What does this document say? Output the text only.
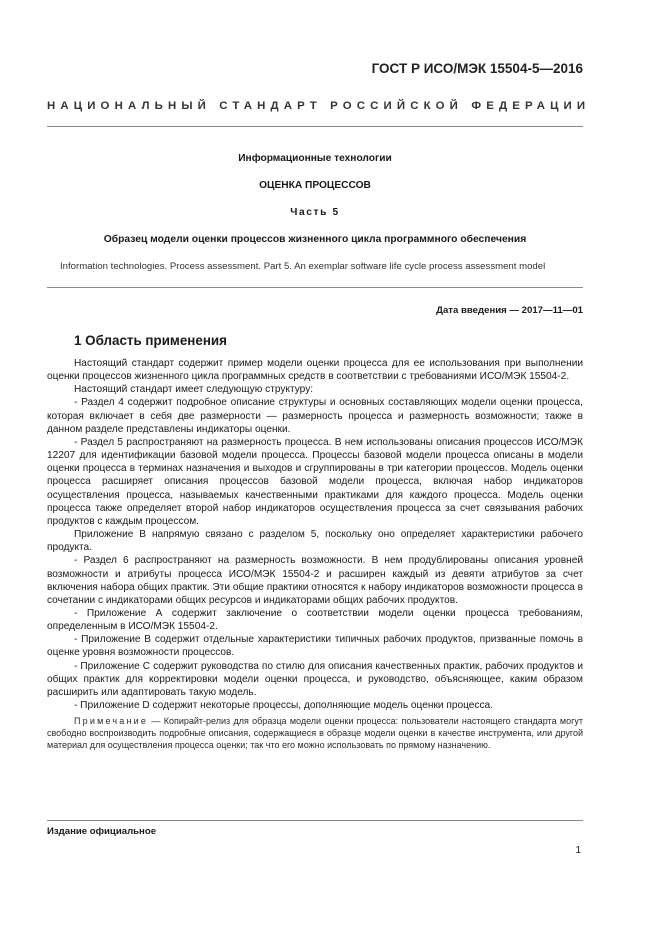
ГОСТ Р ИСО/МЭК 15504-5—2016
НАЦИОНАЛЬНЫЙ СТАНДАРТ РОССИЙСКОЙ ФЕДЕРАЦИИ
Информационные технологии
ОЦЕНКА ПРОЦЕССОВ
Часть 5
Образец модели оценки процессов жизненного цикла программного обеспечения
Information technologies. Process assessment. Part 5. An exemplar software life cycle process assessment model
Дата введения — 2017—11—01
1 Область применения

Настоящий стандарт содержит пример модели оценки процесса для ее использования при выполнении оценки процессов жизненного цикла программных средств в соответствии с требованиями ИСО/МЭК 15504-2.

Настоящий стандарт имеет следующую структуру:

- Раздел 4 содержит подробное описание структуры и основных составляющих модели оценки процесса, которая включает в себя две размерности — размерность процесса и размерность возможности; также в данном разделе представлены индикаторы оценки.

- Раздел 5 распространяют на размерность процесса. В нем использованы описания процессов ИСО/МЭК 12207 для идентификации базовой модели процесса. Процессы базовой модели процесса описаны в модели оценки процесса в терминах назначения и выходов и сгруппированы в три категории процессов. Модель оценки процесса расширяет описания процессов базовой модели процесса, включая набор индикаторов осуществления процесса, называемых качественными практиками для каждого процесса. Модель оценки процесса также определяет второй набор индикаторов осуществления процесса за счет связывания рабочих продуктов с каждым процессом.

Приложение В напрямую связано с разделом 5, поскольку оно определяет характеристики рабочего продукта.

- Раздел 6 распространяют на размерность возможности. В нем продублированы описания уровней возможности и атрибуты процесса ИСО/МЭК 15504-2 и расширен каждый из девяти атрибутов за счет включения набора общих практик. Эти общие практики относятся к набору индикаторов возможности процесса в сочетании с индикаторами общих ресурсов и индикаторами общих рабочих продуктов.

- Приложение А содержит заключение о соответствии модели оценки процесса требованиям, определенным в ИСО/МЭК 15504-2.

- Приложение В содержит отдельные характеристики типичных рабочих продуктов, призванные помочь в оценке уровня возможности процессов.

- Приложение С содержит руководства по стилю для описания качественных практик, рабочих продуктов и общих практик для корректировки модели оценки процесса, и руководство, объясняющее, каким образом расширить или адаптировать такую модель.

- Приложение D содержит некоторые процессы, дополняющие модель оценки процесса.

Примечание — Копирайт-релиз для образца модели оценки процесса: пользователи настоящего стандарта могут свободно воспроизводить подробные описания, содержащиеся в образце модели оценки в качестве инструмента, или другой материал для осуществления процесса оценки; так что его можно использовать по прямому назначению.

Издание официальное
1
